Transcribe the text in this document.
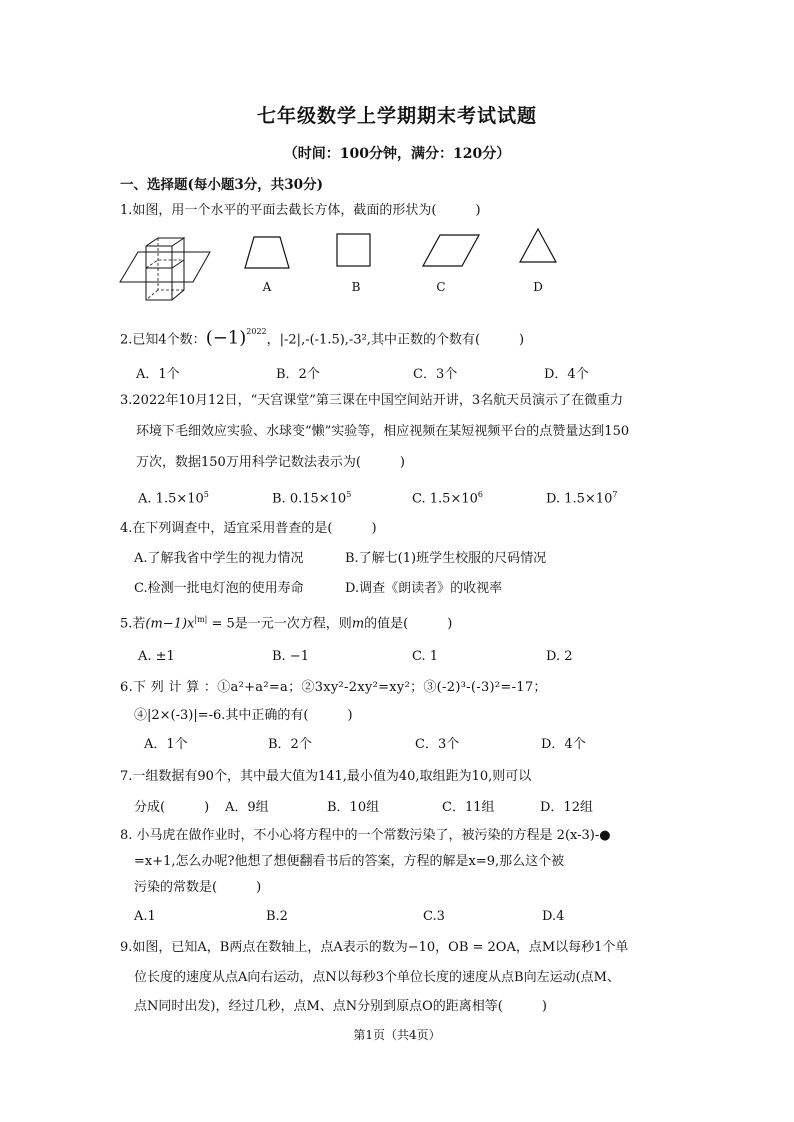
七年级数学上学期期末考试试题
（时间：100分钟，满分：120分）
一、选择题(每小题3分，共30分)
1.如图，用一个水平的平面去截长方体，截面的形状为(　　　)
A	B	C	D
2.已知4个数：$(-1)^{2022}$，|-2|,-(-1.5),-3²,其中正数的个数有(　　　)
A．1个	B．2个	C．3个	D．4个
3.2022年10月12日，“天宫课堂”第三课在中国空间站开讲，3名航天员演示了在微重力
环境下毛细效应实验、水球变“懒”实验等，相应视频在某短视频平台的点赞量达到150
万次，数据150万用科学记数法表示为(　　　)
A. $1.5\times 10^5$	B. $0.15\times 10^5$	C. $1.5\times 10^6$	D. $1.5\times 10^7$
4.在下列调查中，适宜采用普查的是(　　　)
A.了解我省中学生的视力情况	B.了解七(1)班学生校服的尺码情况
C.检测一批电灯泡的使用寿命	D.调查《朗读者》的收视率
5.若$(m-1)x^{|m|} = 5$是一元一次方程，则m的值是(　　　)
A. ±1	B. −1	C. 1	D. 2
6.下 列 计 算 ：①a²+a²=a；②3xy²-2xy²=xy²；③(-2)³-(-3)²=-17；
④|2×(-3)|=-6.其中正确的有(　　　)
A．1个	B．2个	C．3个	D．4个
7.一组数据有90个，其中最大值为141,最小值为40,取组距为10,则可以
分成(　　　) A．9组	B．10组	C．11组	D．12组
8. 小马虎在做作业时，不小心将方程中的一个常数污染了，被污染的方程是 2(x-3)-●
=x+1,怎么办呢?他想了想便翻看书后的答案，方程的解是x=9,那么这个被
污染的常数是(　　　)
A.1	B.2	C.3	D.4
9.如图，已知A，B两点在数轴上，点A表示的数为−10，OB = 2OA，点M以每秒1个单
位长度的速度从点A向右运动，点N以每秒3个单位长度的速度从点B向左运动(点M、
点N同时出发)，经过几秒，点M、点N分别到原点O的距离相等(　　　)
第1页（共4页）
